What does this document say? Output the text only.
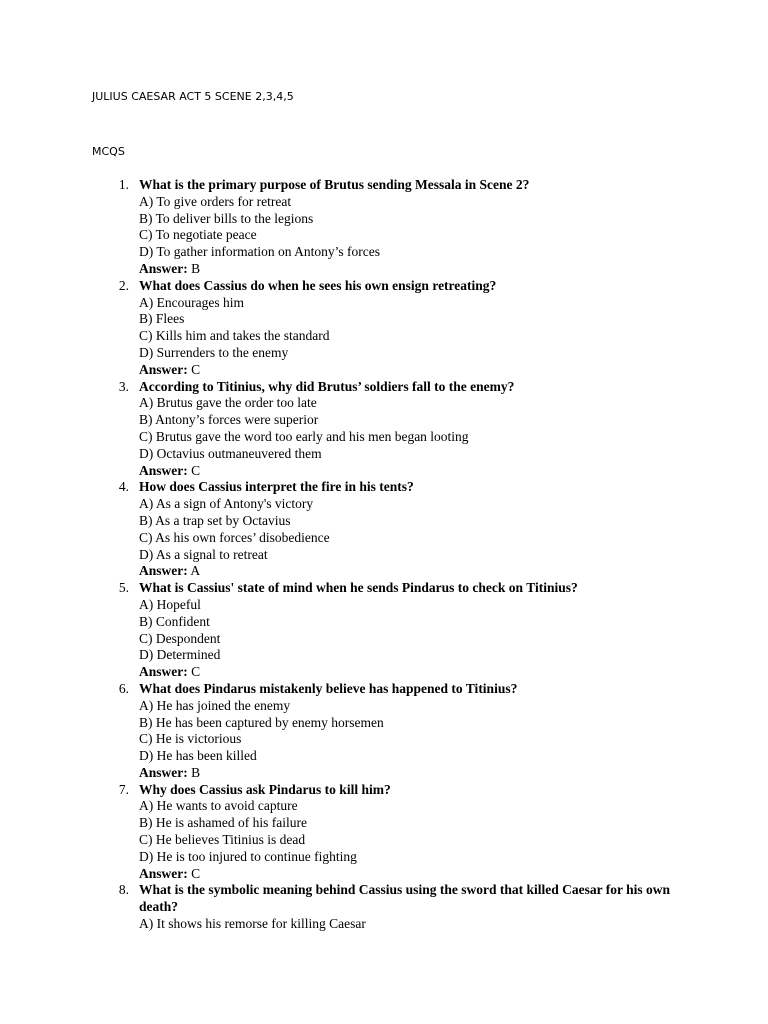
JULIUS CAESAR ACT 5 SCENE 2,3,4,5
MCQS
1. What is the primary purpose of Brutus sending Messala in Scene 2?
A) To give orders for retreat
B) To deliver bills to the legions
C) To negotiate peace
D) To gather information on Antony’s forces
Answer: B
2. What does Cassius do when he sees his own ensign retreating?
A) Encourages him
B) Flees
C) Kills him and takes the standard
D) Surrenders to the enemy
Answer: C
3. According to Titinius, why did Brutus’ soldiers fall to the enemy?
A) Brutus gave the order too late
B) Antony’s forces were superior
C) Brutus gave the word too early and his men began looting
D) Octavius outmaneuvered them
Answer: C
4. How does Cassius interpret the fire in his tents?
A) As a sign of Antony's victory
B) As a trap set by Octavius
C) As his own forces’ disobedience
D) As a signal to retreat
Answer: A
5. What is Cassius' state of mind when he sends Pindarus to check on Titinius?
A) Hopeful
B) Confident
C) Despondent
D) Determined
Answer: C
6. What does Pindarus mistakenly believe has happened to Titinius?
A) He has joined the enemy
B) He has been captured by enemy horsemen
C) He is victorious
D) He has been killed
Answer: B
7. Why does Cassius ask Pindarus to kill him?
A) He wants to avoid capture
B) He is ashamed of his failure
C) He believes Titinius is dead
D) He is too injured to continue fighting
Answer: C
8. What is the symbolic meaning behind Cassius using the sword that killed Caesar for his own death?
A) It shows his remorse for killing Caesar
